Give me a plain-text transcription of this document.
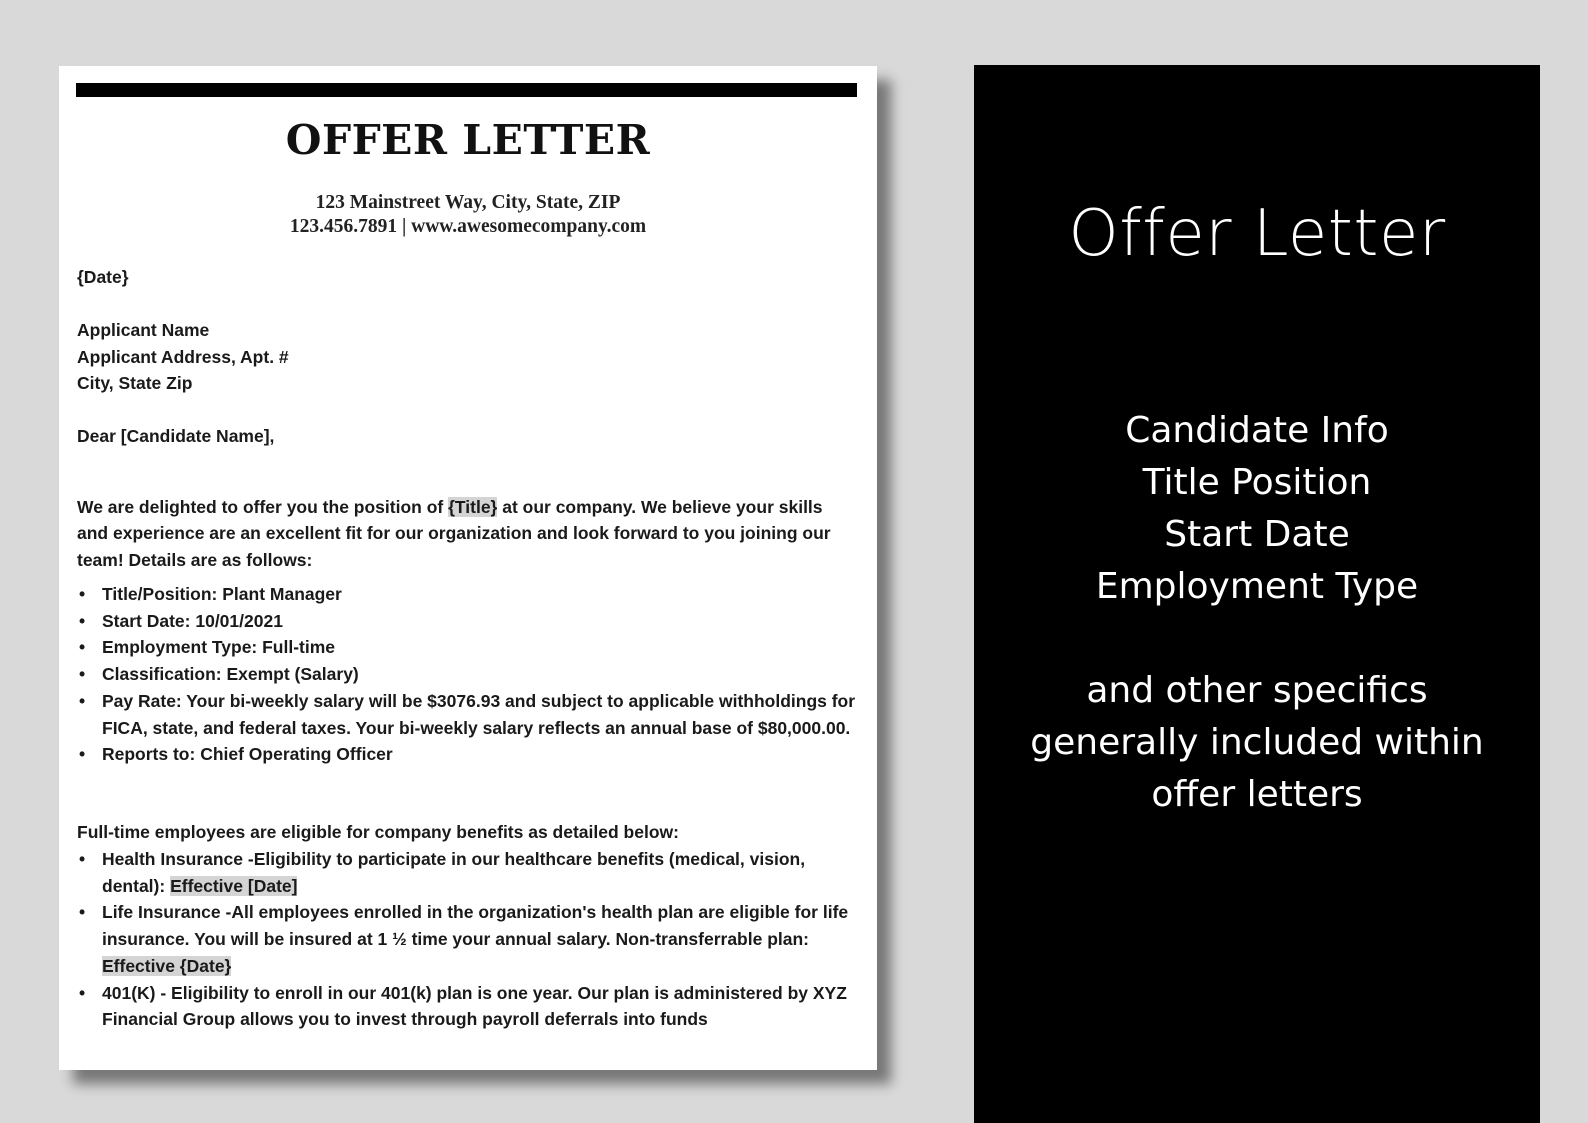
OFFER LETTER
123 Mainstreet Way, City, State, ZIP
123.456.7891 | www.awesomecompany.com
{Date}

Applicant Name

Applicant Address, Apt. #

City, State Zip

Dear [Candidate Name],

We are delighted to offer you the position of {Title} at our company. We believe your skills and experience are an excellent fit for our organization and look forward to you joining our team! Details are as follows:

• Title/Position: Plant Manager
• Start Date: 10/01/2021
• Employment Type: Full-time
• Classification: Exempt (Salary)
• Pay Rate: Your bi-weekly salary will be $3076.93 and subject to applicable withholdings for FICA, state, and federal taxes. Your bi-weekly salary reflects an annual base of $80,000.00.
• Reports to: Chief Operating Officer
Full-time employees are eligible for company benefits as detailed below:
• Health Insurance -Eligibility to participate in our healthcare benefits (medical, vision, dental): Effective [Date]
• Life Insurance -All employees enrolled in the organization's health plan are eligible for life insurance. You will be insured at 1 ½ time your annual salary. Non-transferrable plan: Effective {Date}
• 401(K) - Eligibility to enroll in our 401(k) plan is one year. Our plan is administered by XYZ Financial Group allows you to invest through payroll deferrals into funds
Offer Letter
Candidate Info
Title Position
Start Date
Employment Type
and other specifics
generally included within
offer letters
